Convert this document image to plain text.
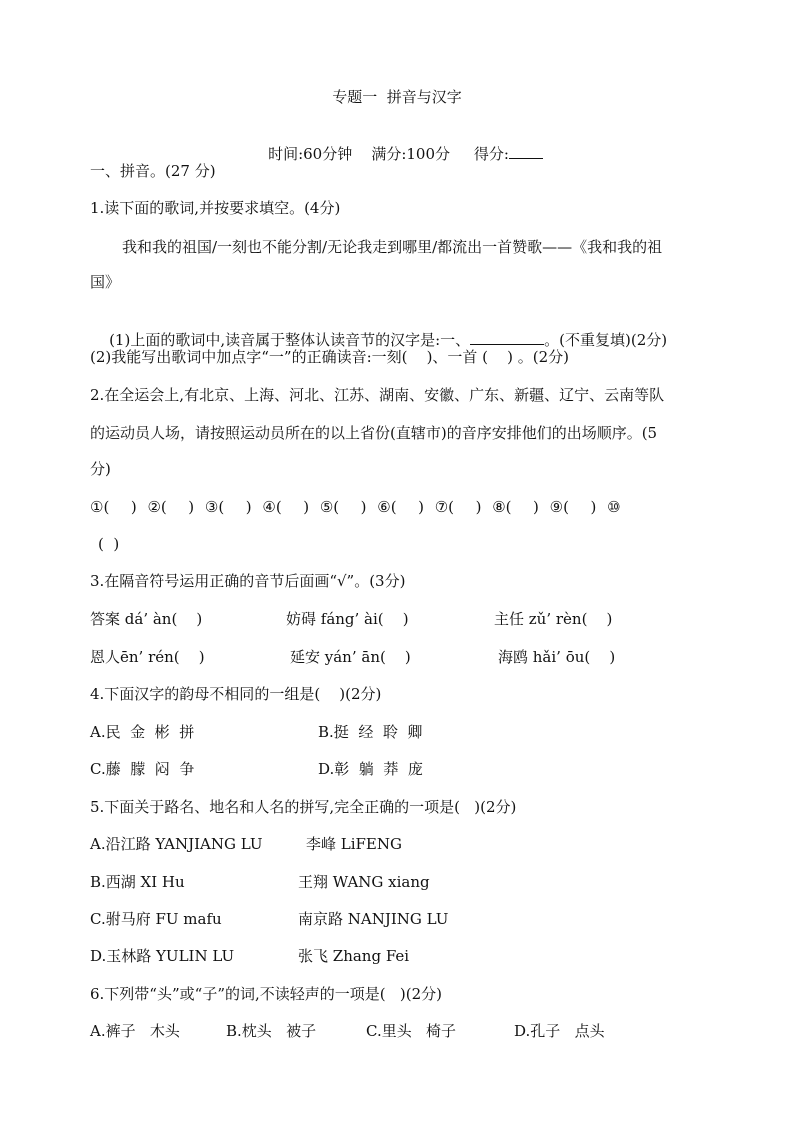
专题一  拼音与汉字

时间:60分钟 满分:100分 得分:

一、拼音。(27 分)
1.读下面的歌词,并按要求填空。(4分)
我和我的祖国/一刻也不能分割/无论我走到哪里/都流出一首赞歌——《我和我的祖
国》

(1)上面的歌词中,读音属于整体认读音节的汉字是:一、	。(不重复填)(2分)

(2)我能写出歌词中加点字“一”的正确读音:一刻(    )、一首 (    ) 。(2分)
2.在全运会上,有北京、上海、河北、江苏、湖南、安徽、广东、新疆、辽宁、云南等队
的运动员人场，请按照运动员所在的以上省份(直辖市)的音序安排他们的出场顺序。(5
分)
①(  ) ②(  ) ③(  ) ④(  ) ⑤(  ) ⑥(  ) ⑦(  ) ⑧(  ) ⑨(  ) ⑩
(  )
3.在隔音符号运用正确的音节后面画“√”。(3分)
答案 dá’ àn(    )	妨碍 fáng’ ài(    )	主任 zǔ’ rèn(    )
恩人ēn’ rén(    )	延安 yán’ ān(    )	海鸥 hǎi’ ōu(    )
4.下面汉字的韵母不相同的一组是(    )(2分)
A.民  金  彬  拼	B.挺  经  聆  卿
C.藤  朦  闷  争	D.彰  躺  莽  庞
5.下面关于路名、地名和人名的拼写,完全正确的一项是(   )(2分)
A.沿江路 YANJIANG LU	李峰 LiFENG
B.西湖 XI Hu	王翔 WANG xiang
C.驸马府 FU mafu	南京路 NANJING LU
D.玉林路 YULIN LU	张飞 Zhang Fei
6.下列带“头”或“子”的词,不读轻声的一项是(   )(2分)
A.裤子   木头	B.枕头   被子	C.里头   椅子	D.孔子   点头
